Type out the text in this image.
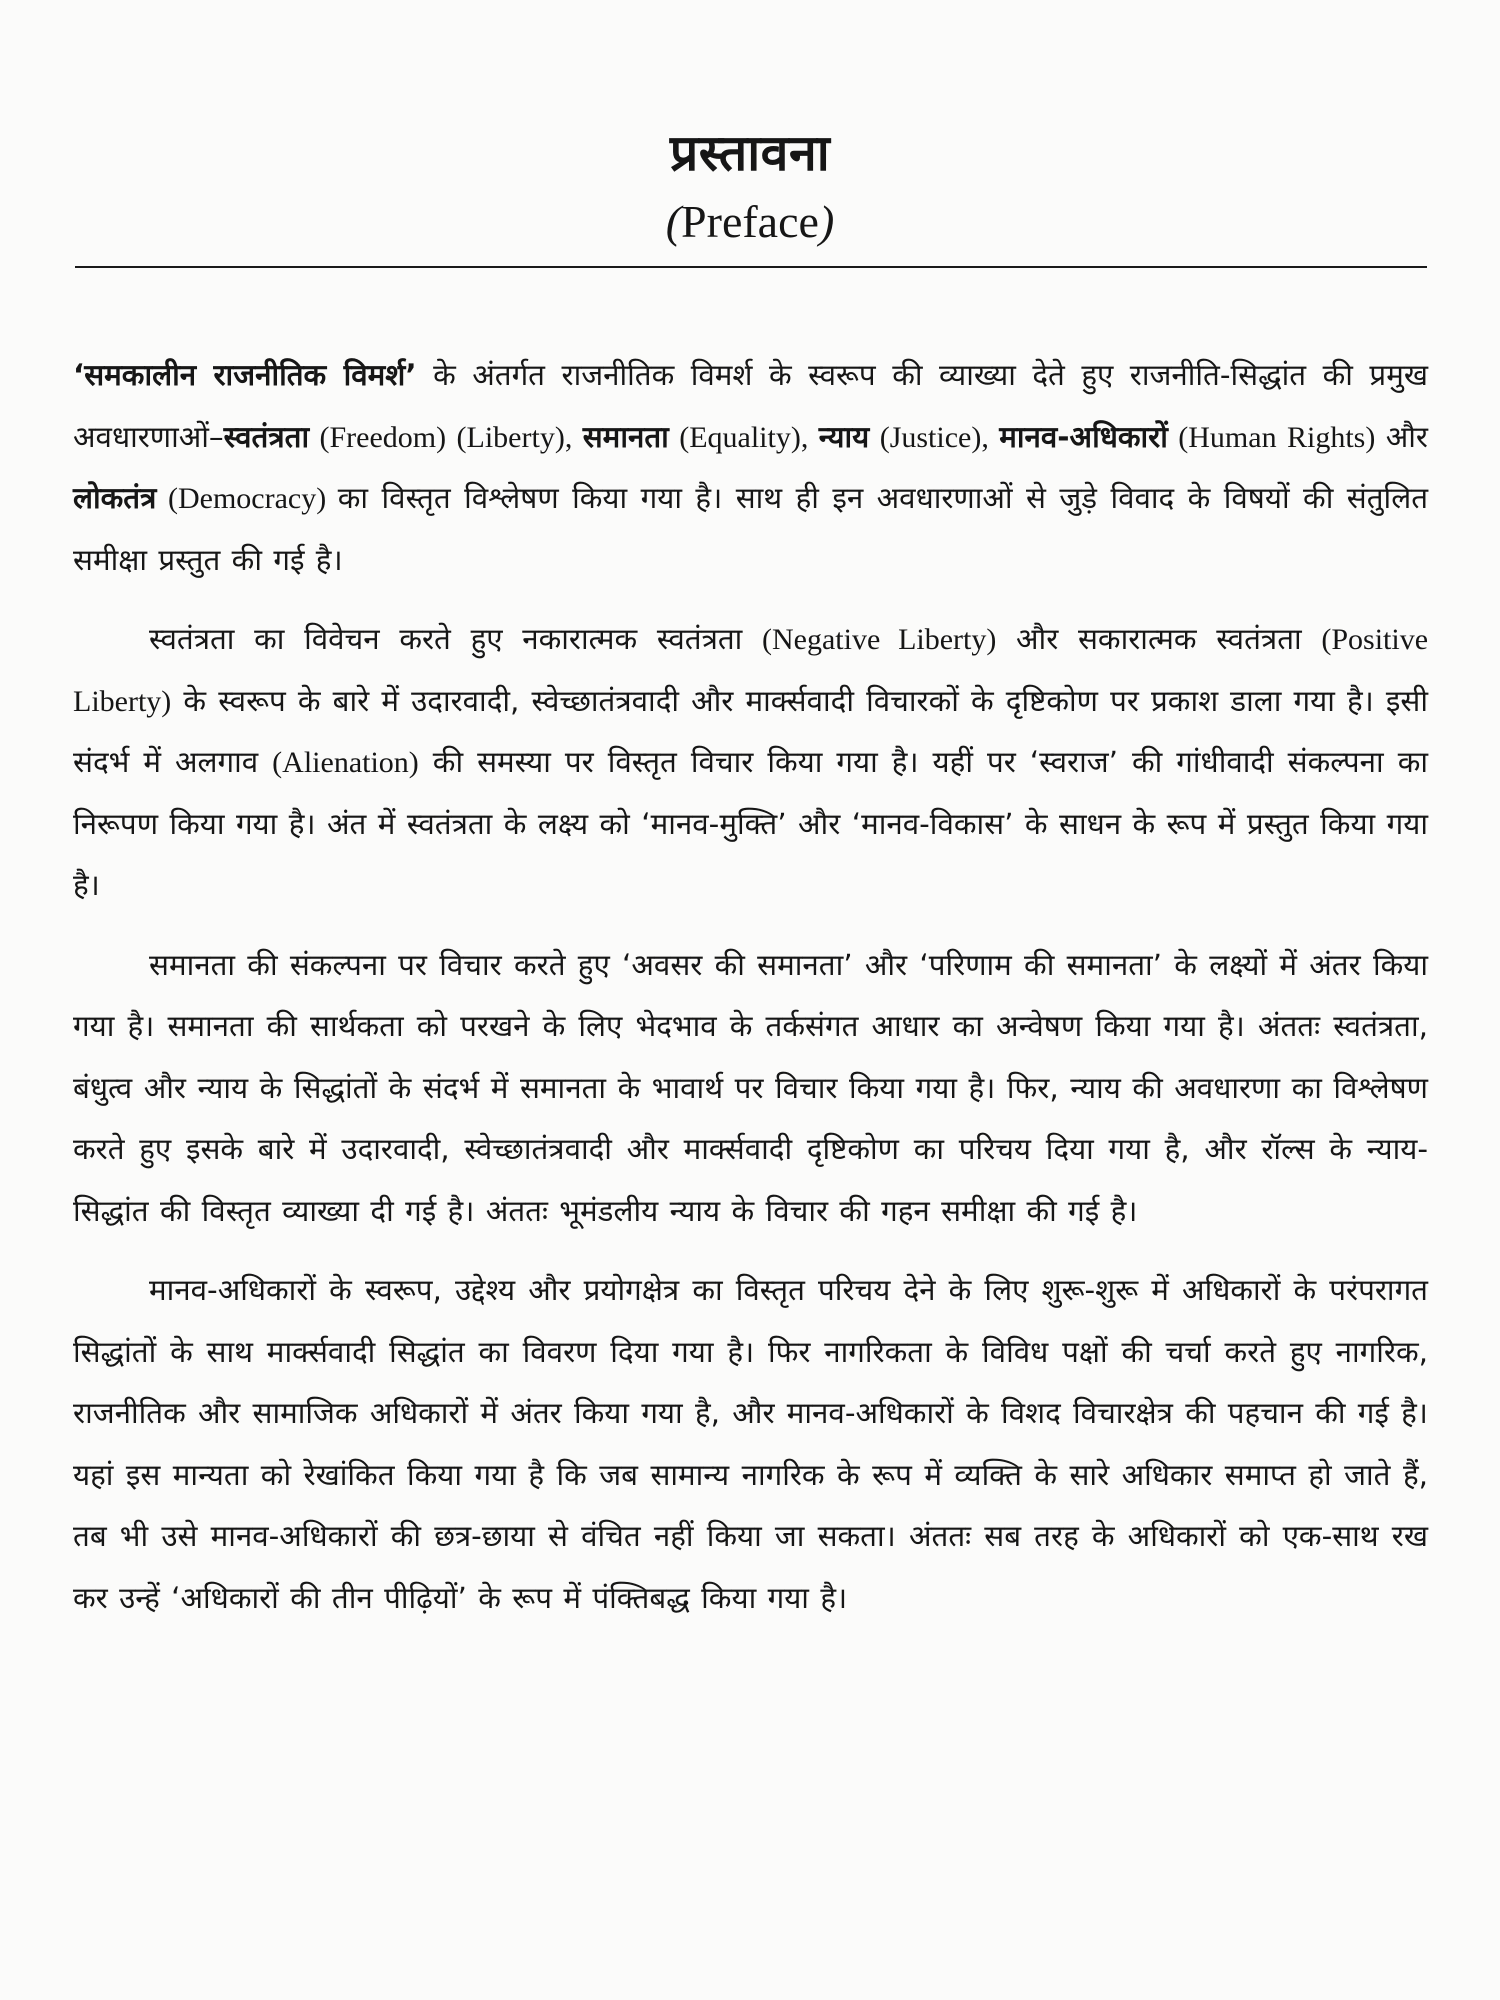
प्रस्तावना
(Preface)

‘समकालीन राजनीतिक विमर्श’ के अंतर्गत राजनीतिक विमर्श के स्वरूप की व्याख्या देते हुए राजनीति-सिद्धांत की प्रमुख अवधारणाओं–स्वतंत्रता (Freedom) (Liberty), समानता (Equality), न्याय (Justice), मानव-अधिकारों (Human Rights) और लोकतंत्र (Democracy) का विस्तृत विश्लेषण किया गया है। साथ ही इन अवधारणाओं से जुड़े विवाद के विषयों की संतुलित समीक्षा प्रस्तुत की गई है।

स्वतंत्रता का विवेचन करते हुए नकारात्मक स्वतंत्रता (Negative Liberty) और सकारात्मक स्वतंत्रता (Positive Liberty) के स्वरूप के बारे में उदारवादी, स्वेच्छातंत्रवादी और मार्क्सवादी विचारकों के दृष्टिकोण पर प्रकाश डाला गया है। इसी संदर्भ में अलगाव (Alienation) की समस्या पर विस्तृत विचार किया गया है। यहीं पर ‘स्वराज’ की गांधीवादी संकल्पना का निरूपण किया गया है। अंत में स्वतंत्रता के लक्ष्य को ‘मानव-मुक्ति’ और ‘मानव-विकास’ के साधन के रूप में प्रस्तुत किया गया है।

समानता की संकल्पना पर विचार करते हुए ‘अवसर की समानता’ और ‘परिणाम की समानता’ के लक्ष्यों में अंतर किया गया है। समानता की सार्थकता को परखने के लिए भेदभाव के तर्कसंगत आधार का अन्वेषण किया गया है। अंततः स्वतंत्रता, बंधुत्व और न्याय के सिद्धांतों के संदर्भ में समानता के भावार्थ पर विचार किया गया है। फिर, न्याय की अवधारणा का विश्लेषण करते हुए इसके बारे में उदारवादी, स्वेच्छातंत्रवादी और मार्क्सवादी दृष्टिकोण का परिचय दिया गया है, और रॉल्स के न्याय-सिद्धांत की विस्तृत व्याख्या दी गई है। अंततः भूमंडलीय न्याय के विचार की गहन समीक्षा की गई है।

मानव-अधिकारों के स्वरूप, उद्देश्य और प्रयोगक्षेत्र का विस्तृत परिचय देने के लिए शुरू-शुरू में अधिकारों के परंपरागत सिद्धांतों के साथ मार्क्सवादी सिद्धांत का विवरण दिया गया है। फिर नागरिकता के विविध पक्षों की चर्चा करते हुए नागरिक, राजनीतिक और सामाजिक अधिकारों में अंतर किया गया है, और मानव-अधिकारों के विशद विचारक्षेत्र की पहचान की गई है। यहां इस मान्यता को रेखांकित किया गया है कि जब सामान्य नागरिक के रूप में व्यक्ति के सारे अधिकार समाप्त हो जाते हैं, तब भी उसे मानव-अधिकारों की छत्र-छाया से वंचित नहीं किया जा सकता। अंततः सब तरह के अधिकारों को एक-साथ रख कर उन्हें ‘अधिकारों की तीन पीढ़ियों’ के रूप में पंक्तिबद्ध किया गया है।
